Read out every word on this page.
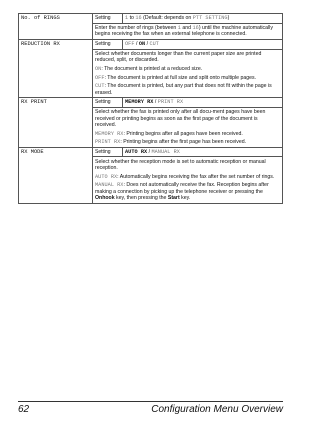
No. of RINGS	Setting	1 to 16 (Default: depends on PTT SETTING)

	Enter the number of rings (between 1 and 16) until the machine automatically begins receiving the fax when an external telephone is connected.	

REDUCTION RX	Setting	OFF / ON / CUT

	Select whether documents longer than the current paper size are printed reduced, split, or discarded.

ON: The document is printed at a reduced size.

OFF: The document is printed at full size and split onto multiple pages.

CUT: The document is printed, but any part that does not fit within the page is erased.	

RX PRINT	Setting	MEMORY RX / PRINT RX

	Select whether the fax is printed only after all docu-ment pages have been received or printing begins as soon as the first page of the document is received.

MEMORY RX: Printing begins after all pages have been received.

PRINT RX: Printing begins after the first page has been received.	

RX MODE	Setting	AUTO RX / MANUAL RX

	Select whether the reception mode is set to automatic reception or manual reception.

AUTO RX: Automatically begins receiving the fax after the set number of rings.

MANUAL RX: Does not automatically receive the fax. Reception begins after making a connection by picking up the telephone receiver or pressing the Onhook key, then pressing the Start key.	

62	Configuration Menu Overview
